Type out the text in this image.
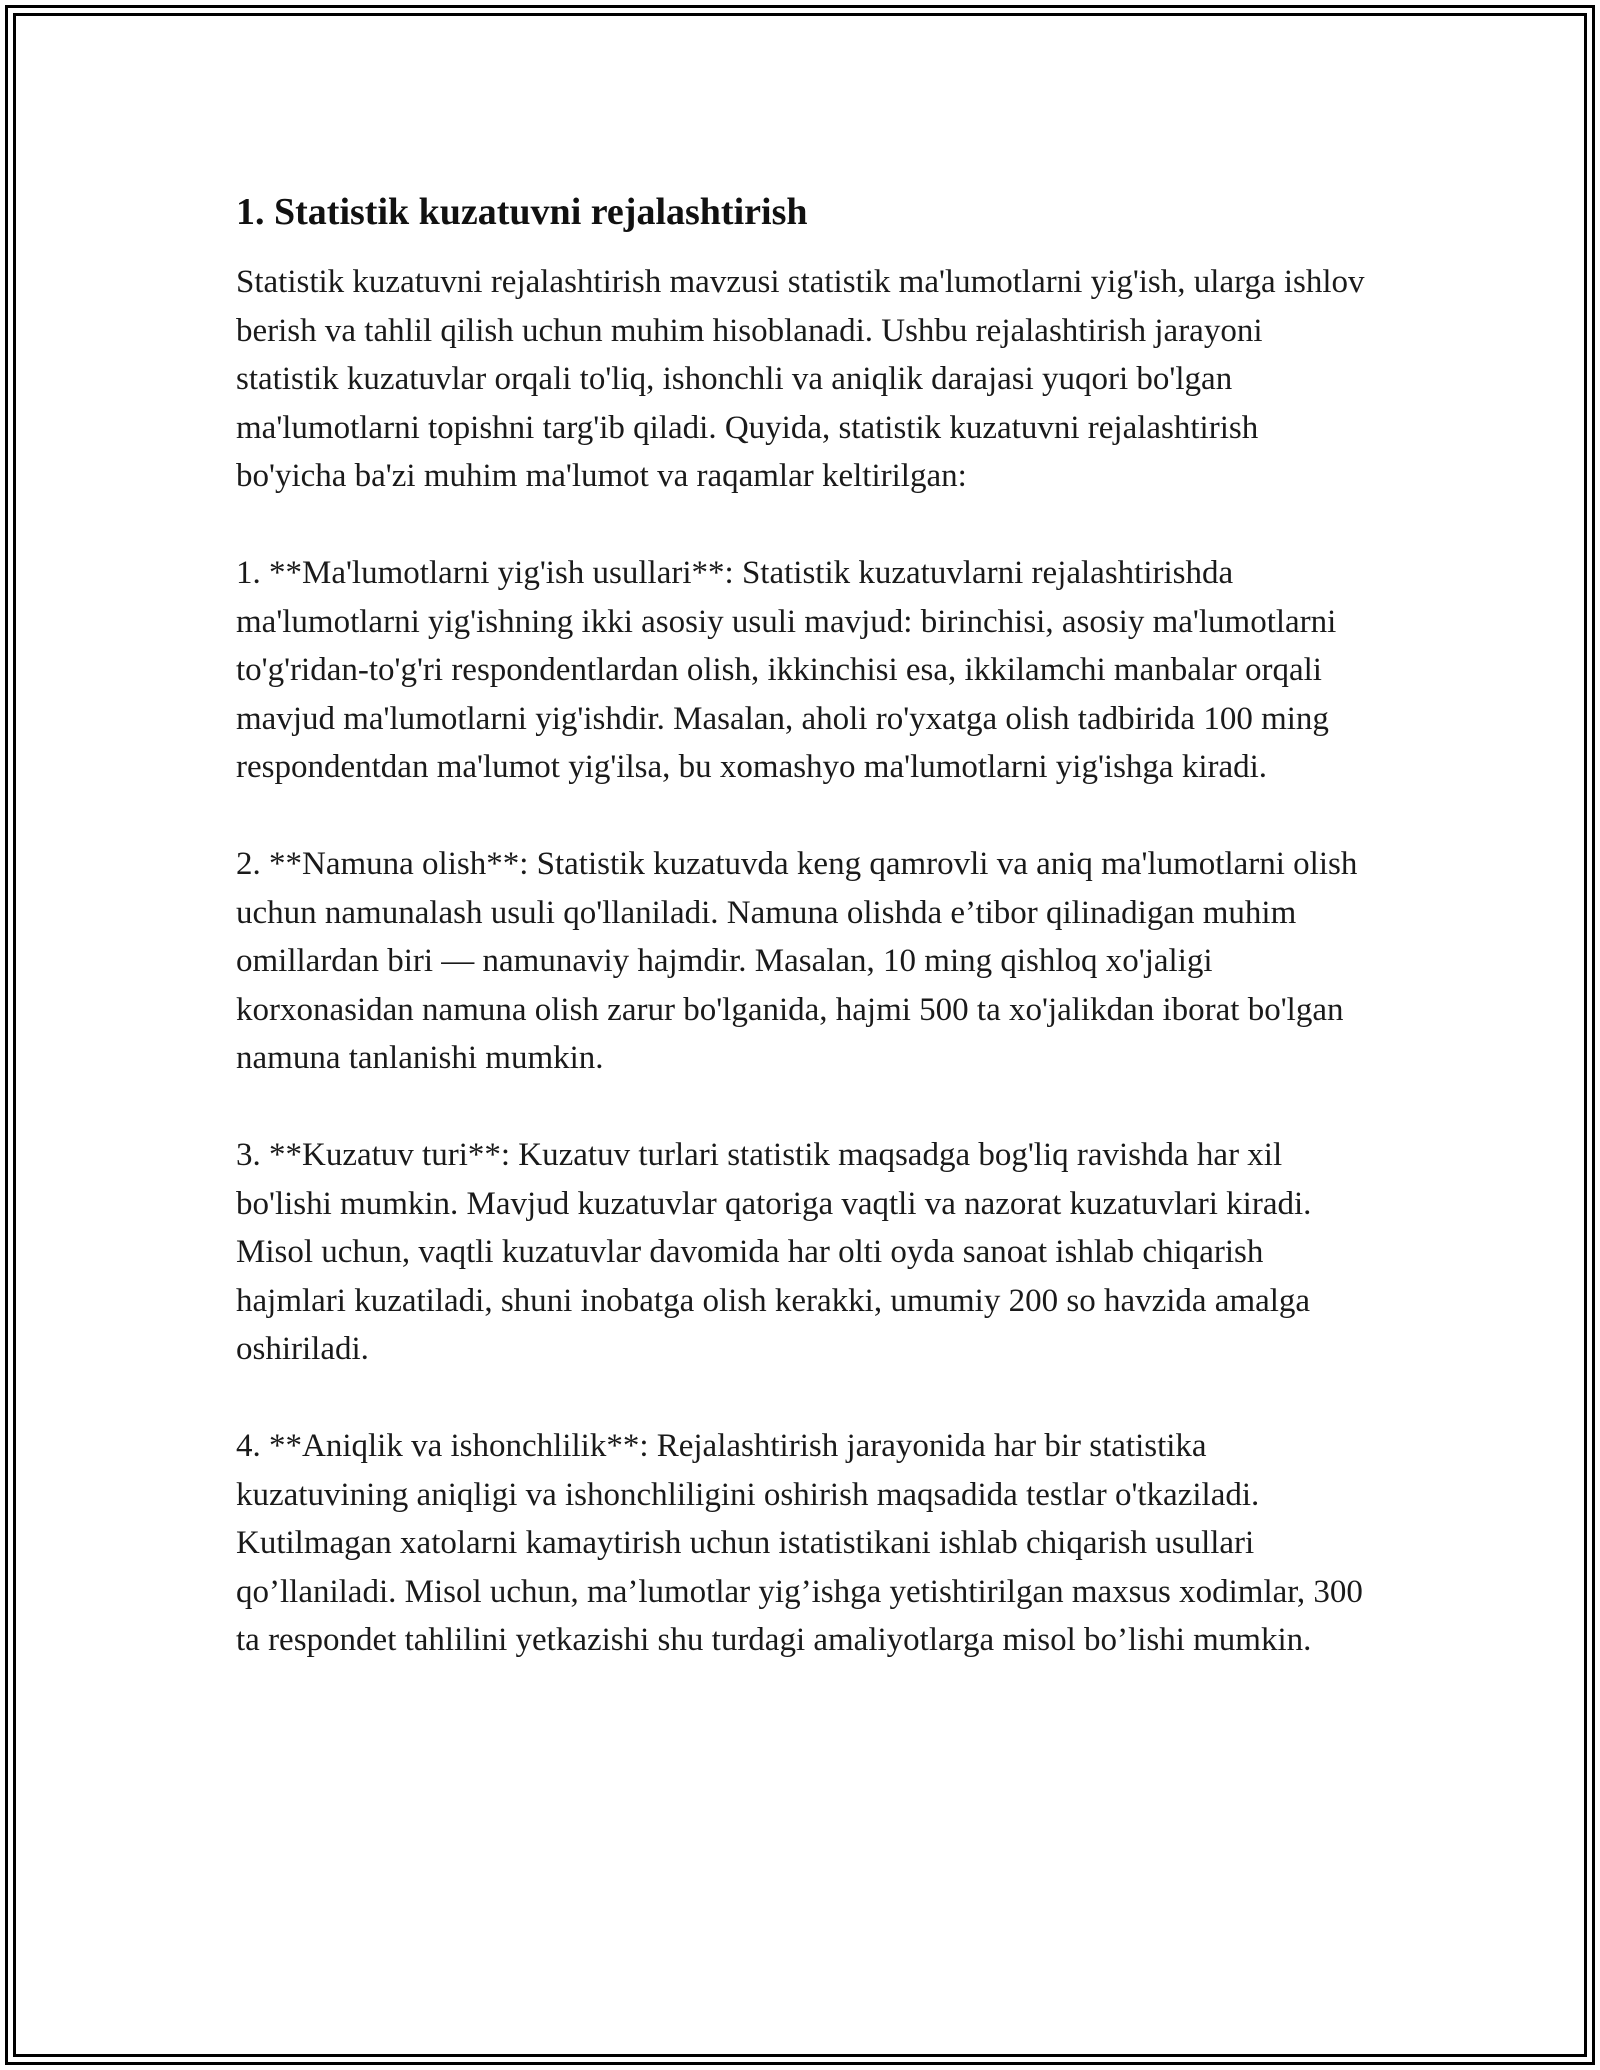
1. Statistik kuzatuvni rejalashtirish

Statistik kuzatuvni rejalashtirish mavzusi statistik ma'lumotlarni yig'ish, ularga ishlov berish va tahlil qilish uchun muhim hisoblanadi. Ushbu rejalashtirish jarayoni statistik kuzatuvlar orqali to'liq, ishonchli va aniqlik darajasi yuqori bo'lgan ma'lumotlarni topishni targ'ib qiladi. Quyida, statistik kuzatuvni rejalashtirish bo'yicha ba'zi muhim ma'lumot va raqamlar keltirilgan:

1. **Ma'lumotlarni yig'ish usullari**: Statistik kuzatuvlarni rejalashtirishda ma'lumotlarni yig'ishning ikki asosiy usuli mavjud: birinchisi, asosiy ma'lumotlarni to'g'ridan-to'g'ri respondentlardan olish, ikkinchisi esa, ikkilamchi manbalar orqali mavjud ma'lumotlarni yig'ishdir. Masalan, aholi ro'yxatga olish tadbirida 100 ming respondentdan ma'lumot yig'ilsa, bu xomashyo ma'lumotlarni yig'ishga kiradi.

2. **Namuna olish**: Statistik kuzatuvda keng qamrovli va aniq ma'lumotlarni olish uchun namunalash usuli qo'llaniladi. Namuna olishda e’tibor qilinadigan muhim omillardan biri — namunaviy hajmdir. Masalan, 10 ming qishloq xo'jaligi korxonasidan namuna olish zarur bo'lganida, hajmi 500 ta xo'jalikdan iborat bo'lgan namuna tanlanishi mumkin.

3. **Kuzatuv turi**: Kuzatuv turlari statistik maqsadga bog'liq ravishda har xil bo'lishi mumkin. Mavjud kuzatuvlar qatoriga vaqtli va nazorat kuzatuvlari kiradi. Misol uchun, vaqtli kuzatuvlar davomida har olti oyda sanoat ishlab chiqarish hajmlari kuzatiladi, shuni inobatga olish kerakki, umumiy 200 so havzida amalga oshiriladi.

4. **Aniqlik va ishonchlilik**: Rejalashtirish jarayonida har bir statistika kuzatuvining aniqligi va ishonchliligini oshirish maqsadida testlar o'tkaziladi. Kutilmagan xatolarni kamaytirish uchun istatistikani ishlab chiqarish usullari qo’llaniladi. Misol uchun, ma’lumotlar yig’ishga yetishtirilgan maxsus xodimlar, 300 ta respondet tahlilini yetkazishi shu turdagi amaliyotlarga misol bo’lishi mumkin.
